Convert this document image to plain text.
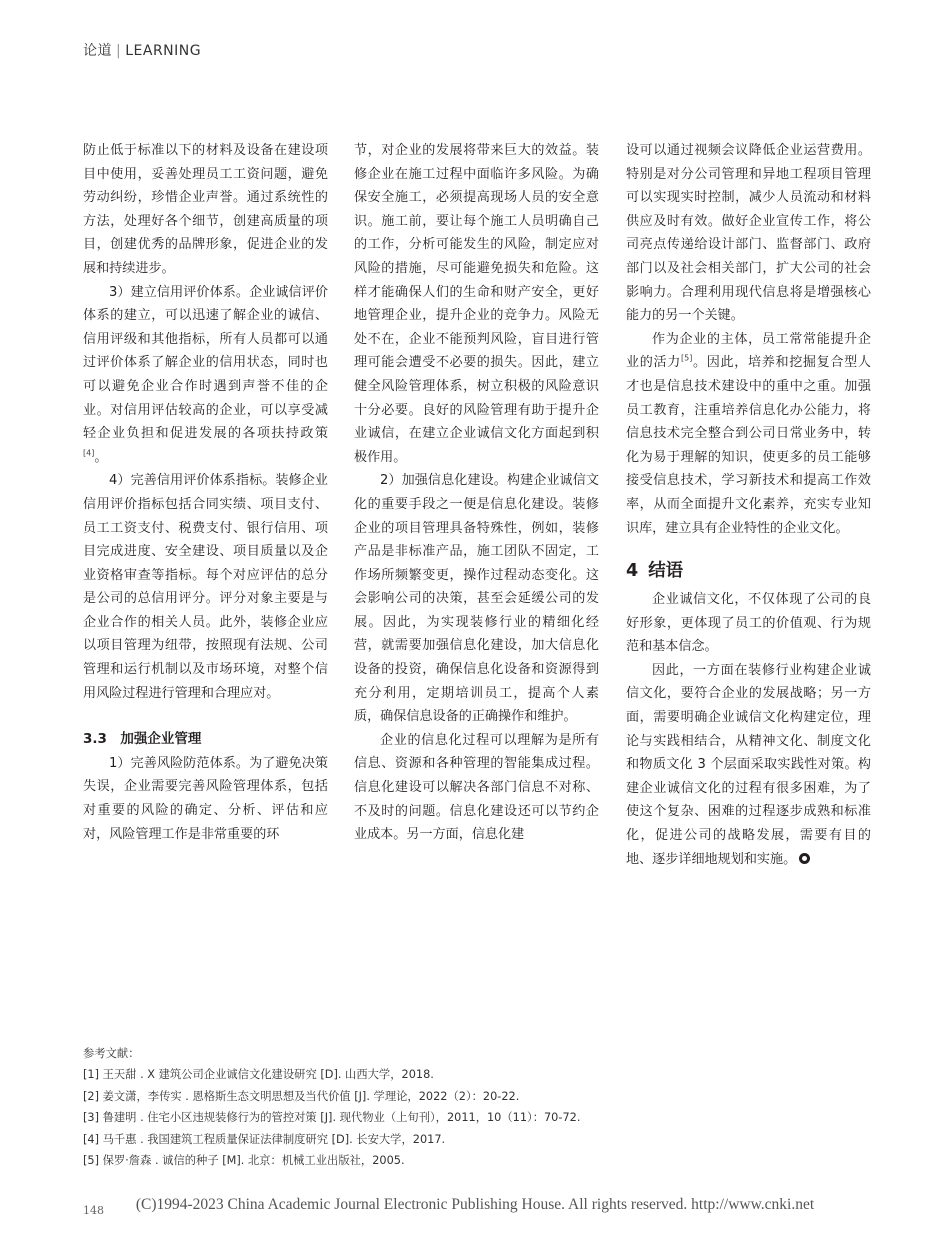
论道 | LEARNING

防止低于标准以下的材料及设备在建设项目中使用，妥善处理员工工资问题，避免劳动纠纷，珍惜企业声誉。通过系统性的方法，处理好各个细节，创建高质量的项目，创建优秀的品牌形象，促进企业的发展和持续进步。

3）建立信用评价体系。企业诚信评价体系的建立，可以迅速了解企业的诚信、信用评级和其他指标，所有人员都可以通过评价体系了解企业的信用状态，同时也可以避免企业合作时遇到声誉不佳的企业。对信用评估较高的企业，可以享受减轻企业负担和促进发展的各项扶持政策[4]。

4）完善信用评价体系指标。装修企业信用评价指标包括合同实绩、项目支付、员工工资支付、税费支付、银行信用、项目完成进度、安全建设、项目质量以及企业资格审查等指标。每个对应评估的总分是公司的总信用评分。评分对象主要是与企业合作的相关人员。此外，装修企业应以项目管理为纽带，按照现有法规、公司管理和运行机制以及市场环境，对整个信用风险过程进行管理和合理应对。

3.3　加强企业管理

1）完善风险防范体系。为了避免决策失误，企业需要完善风险管理体系，包括对重要的风险的确定、分析、评估和应对，风险管理工作是非常重要的环

节，对企业的发展将带来巨大的效益。装修企业在施工过程中面临许多风险。为确保安全施工，必须提高现场人员的安全意识。施工前，要让每个施工人员明确自己的工作，分析可能发生的风险，制定应对风险的措施，尽可能避免损失和危险。这样才能确保人们的生命和财产安全，更好地管理企业，提升企业的竞争力。风险无处不在，企业不能预判风险，盲目进行管理可能会遭受不必要的损失。因此，建立健全风险管理体系，树立积极的风险意识十分必要。良好的风险管理有助于提升企业诚信，在建立企业诚信文化方面起到积极作用。

2）加强信息化建设。构建企业诚信文化的重要手段之一便是信息化建设。装修企业的项目管理具备特殊性，例如，装修产品是非标准产品，施工团队不固定，工作场所频繁变更，操作过程动态变化。这会影响公司的决策，甚至会延缓公司的发展。因此，为实现装修行业的精细化经营，就需要加强信息化建设，加大信息化设备的投资，确保信息化设备和资源得到充分利用，定期培训员工，提高个人素质，确保信息设备的正确操作和维护。

企业的信息化过程可以理解为是所有信息、资源和各种管理的智能集成过程。信息化建设可以解决各部门信息不对称、不及时的问题。信息化建设还可以节约企业成本。另一方面，信息化建

设可以通过视频会议降低企业运营费用。特别是对分公司管理和异地工程项目管理可以实现实时控制，减少人员流动和材料供应及时有效。做好企业宣传工作，将公司亮点传递给设计部门、监督部门、政府部门以及社会相关部门，扩大公司的社会影响力。合理利用现代信息将是增强核心能力的另一个关键。

作为企业的主体，员工常常能提升企业的活力[5]。因此，培养和挖掘复合型人才也是信息技术建设中的重中之重。加强员工教育，注重培养信息化办公能力，将信息技术完全整合到公司日常业务中，转化为易于理解的知识，使更多的员工能够接受信息技术，学习新技术和提高工作效率，从而全面提升文化素养，充实专业知识库，建立具有企业特性的企业文化。

4 结语

企业诚信文化，不仅体现了公司的良好形象，更体现了员工的价值观、行为规范和基本信念。

因此，一方面在装修行业构建企业诚信文化，要符合企业的发展战略；另一方面，需要明确企业诚信文化构建定位，理论与实践相结合，从精神文化、制度文化和物质文化 3 个层面采取实践性对策。构建企业诚信文化的过程有很多困难，为了使这个复杂、困难的过程逐步成熟和标准化，促进公司的战略发展，需要有目的地、逐步详细地规划和实施。

参考文献：
[1] 王天甜 . X 建筑公司企业诚信文化建设研究 [D]. 山西大学，2018.
[2] 姜文潇，李传实 . 恩格斯生态文明思想及当代价值 [J]. 学理论，2022（2）：20-22.
[3] 鲁建明 . 住宅小区违规装修行为的管控对策 [J]. 现代物业（上旬刊），2011，10（11）：70-72.
[4] 马千惠 . 我国建筑工程质量保证法律制度研究 [D]. 长安大学，2017.
[5] 保罗·詹森 . 诚信的种子 [M]. 北京：机械工业出版社，2005.
148	(C)1994-2023 China Academic Journal Electronic Publishing House. All rights reserved. http://www.cnki.net
